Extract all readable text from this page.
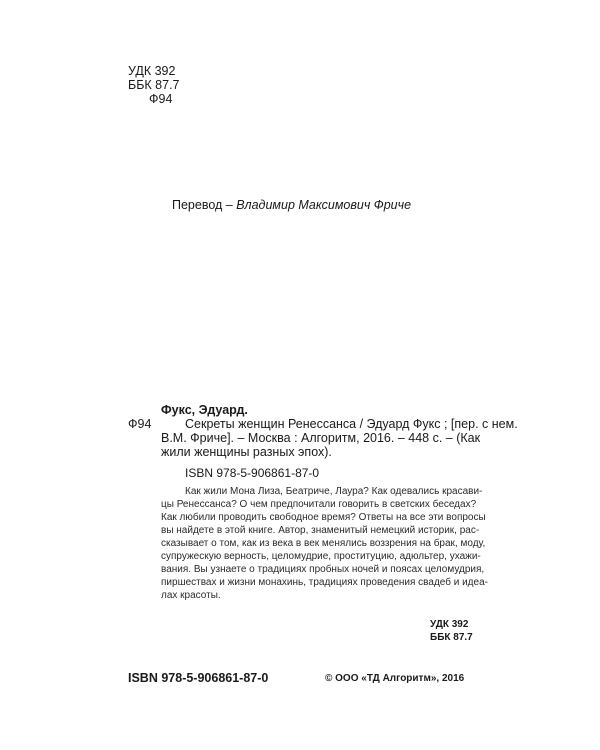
УДК 392
ББК 87.7
Ф94
Перевод – Владимир Максимович Фриче
Фукс, Эдуард.
Ф94	Секреты женщин Ренессанса / Эдуард Фукс ; [пер. с нем.
В.М. Фриче]. – Москва : Алгоритм, 2016. – 448 с. – (Как
жили женщины разных эпох).
ISBN 978-5-906861-87-0
Как жили Мона Лиза, Беатриче, Лаура? Как одевались красави-
цы Ренессанса? О чем предпочитали говорить в светских беседах?
Как любили проводить свободное время? Ответы на все эти вопросы
вы найдете в этой книге. Автор, знаменитый немецкий историк, рас-
сказывает о том, как из века в век менялись воззрения на брак, моду,
супружескую верность, целомудрие, проституцию, адюльтер, ухажи-
вания. Вы узнаете о традициях пробных ночей и поясах целомудрия,
пиршествах и жизни монахинь, традициях проведения свадеб и идеа-
лах красоты.
УДК 392
ББК 87.7
ISBN 978-5-906861-87-0	© ООО «ТД Алгоритм», 2016
